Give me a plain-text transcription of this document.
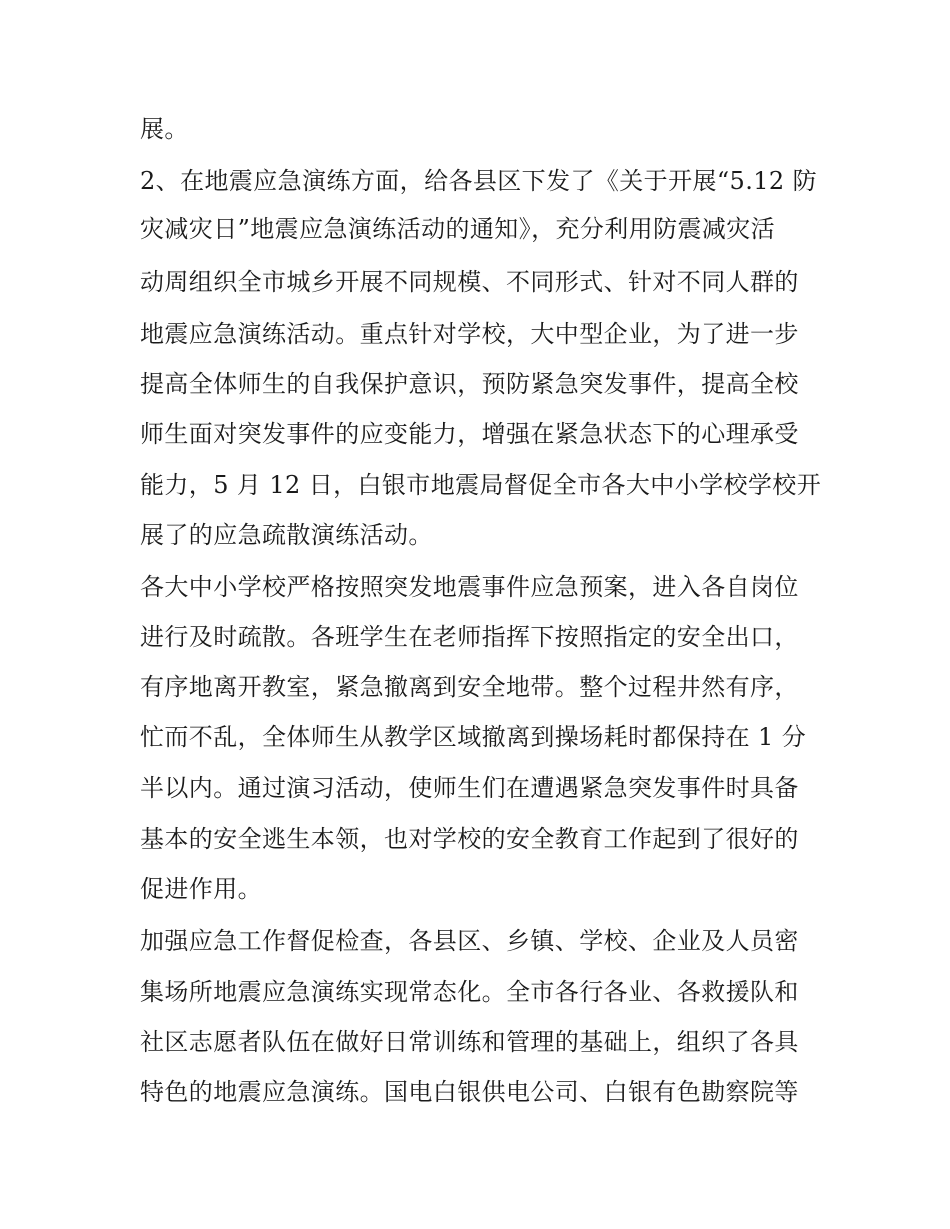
展。
2、在地震应急演练方面，给各县区下发了《关于开展“5.12 防
灾减灾日”地震应急演练活动的通知》，充分利用防震减灾活
动周组织全市城乡开展不同规模、不同形式、针对不同人群的
地震应急演练活动。重点针对学校，大中型企业，为了进一步
提高全体师生的自我保护意识，预防紧急突发事件，提高全校
师生面对突发事件的应变能力，增强在紧急状态下的心理承受
能力，5 月 12 日，白银市地震局督促全市各大中小学校学校开
展了的应急疏散演练活动。
各大中小学校严格按照突发地震事件应急预案，进入各自岗位
进行及时疏散。各班学生在老师指挥下按照指定的安全出口，
有序地离开教室，紧急撤离到安全地带。整个过程井然有序，
忙而不乱，全体师生从教学区域撤离到操场耗时都保持在 1 分
半以内。通过演习活动，使师生们在遭遇紧急突发事件时具备
基本的安全逃生本领，也对学校的安全教育工作起到了很好的
促进作用。
加强应急工作督促检查，各县区、乡镇、学校、企业及人员密
集场所地震应急演练实现常态化。全市各行各业、各救援队和
社区志愿者队伍在做好日常训练和管理的基础上，组织了各具
特色的地震应急演练。国电白银供电公司、白银有色勘察院等
